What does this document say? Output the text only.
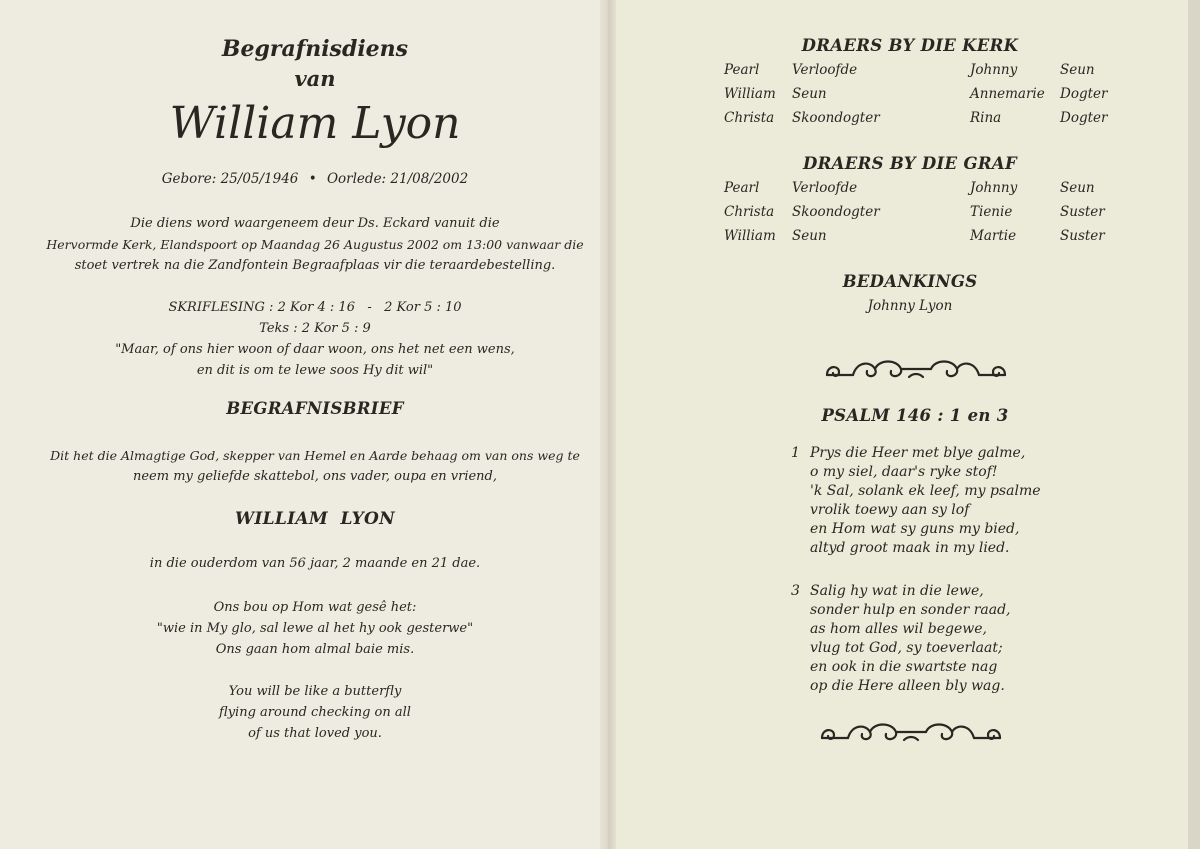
Begrafnisdiens
van
William Lyon
Gebore: 25/05/1946 • Oorlede: 21/08/2002
Die diens word waargeneem deur Ds. Eckard vanuit die
Hervormde Kerk, Elandspoort op Maandag 26 Augustus 2002 om 13:00 vanwaar die
stoet vertrek na die Zandfontein Begraafplaas vir die teraardebestelling.
SKRIFLESING : 2 Kor 4 : 16   -   2 Kor 5 : 10
Teks : 2 Kor 5 : 9
"Maar, of ons hier woon of daar woon, ons het net een wens,
en dit is om te lewe soos Hy dit wil"
BEGRAFNISBRIEF
Dit het die Almagtige God, skepper van Hemel en Aarde behaag om van ons weg te
neem my geliefde skattebol, ons vader, oupa en vriend,
WILLIAM  LYON
in die ouderdom van 56 jaar, 2 maande en 21 dae.
Ons bou op Hom wat gesê het:
"wie in My glo, sal lewe al het hy ook gesterwe"
Ons gaan hom almal baie mis.
You will be like a butterfly
flying around checking on all
of us that loved you.
DRAERS BY DIE KERK
Pearl Verloofde	Johnny	Seun
William Seun	Annemarie Dogter
Christa Skoondogter	Rina	Dogter
DRAERS BY DIE GRAF
Pearl Verloofde	Johnny	Seun
Christa Skoondogter	Tienie	Suster
William Seun	Martie	Suster
BEDANKINGS
Johnny Lyon
PSALM 146 : 1 en 3
1 Prys die Heer met blye galme,
o my siel, daar's ryke stof!
'k Sal, solank ek leef, my psalme
vrolik toewy aan sy lof
en Hom wat sy guns my bied,
altyd groot maak in my lied.
3 Salig hy wat in die lewe,
sonder hulp en sonder raad,
as hom alles wil begewe,
vlug tot God, sy toeverlaat;
en ook in die swartste nag
op die Here alleen bly wag.
